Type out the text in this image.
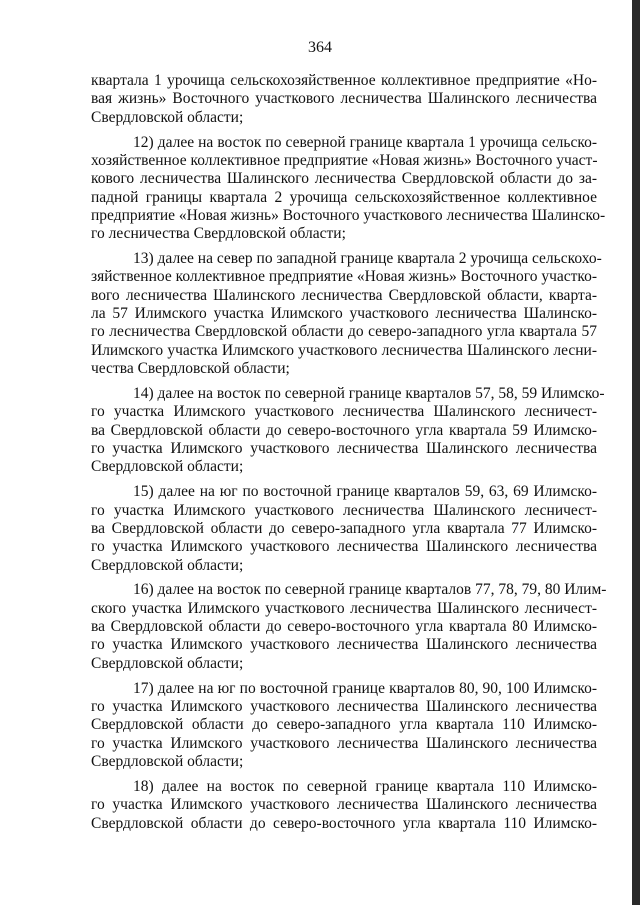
364
квартала 1 урочища сельскохозяйственное коллективное предприятие «Но-
вая жизнь» Восточного участкового лесничества Шалинского лесничества
Свердловской области;
12) далее на восток по северной границе квартала 1 урочища сельско-
хозяйственное коллективное предприятие «Новая жизнь» Восточного участ-
кового лесничества Шалинского лесничества Свердловской области до за-
падной границы квартала 2 урочища сельскохозяйственное коллективное
предприятие «Новая жизнь» Восточного участкового лесничества Шалинско-
го лесничества Свердловской области;
13) далее на север по западной границе квартала 2 урочища сельскохо-
зяйственное коллективное предприятие «Новая жизнь» Восточного участко-
вого лесничества Шалинского лесничества Свердловской области, кварта-
ла 57 Илимского участка Илимского участкового лесничества Шалинско-
го лесничества Свердловской области до северо-западного угла квартала 57
Илимского участка Илимского участкового лесничества Шалинского лесни-
чества Свердловской области;
14) далее на восток по северной границе кварталов 57, 58, 59 Илимско-
го участка Илимского участкового лесничества Шалинского лесничест-
ва Свердловской области до северо-восточного угла квартала 59 Илимско-
го участка Илимского участкового лесничества Шалинского лесничества
Свердловской области;
15) далее на юг по восточной границе кварталов 59, 63, 69 Илимско-
го участка Илимского участкового лесничества Шалинского лесничест-
ва Свердловской области до северо-западного угла квартала 77 Илимско-
го участка Илимского участкового лесничества Шалинского лесничества
Свердловской области;
16) далее на восток по северной границе кварталов 77, 78, 79, 80 Илим-
ского участка Илимского участкового лесничества Шалинского лесничест-
ва Свердловской области до северо-восточного угла квартала 80 Илимско-
го участка Илимского участкового лесничества Шалинского лесничества
Свердловской области;
17) далее на юг по восточной границе кварталов 80, 90, 100 Илимско-
го участка Илимского участкового лесничества Шалинского лесничества
Свердловской области до северо-западного угла квартала 110 Илимско-
го участка Илимского участкового лесничества Шалинского лесничества
Свердловской области;
18) далее на восток по северной границе квартала 110 Илимско-
го участка Илимского участкового лесничества Шалинского лесничества
Свердловской области до северо-восточного угла квартала 110 Илимско-
